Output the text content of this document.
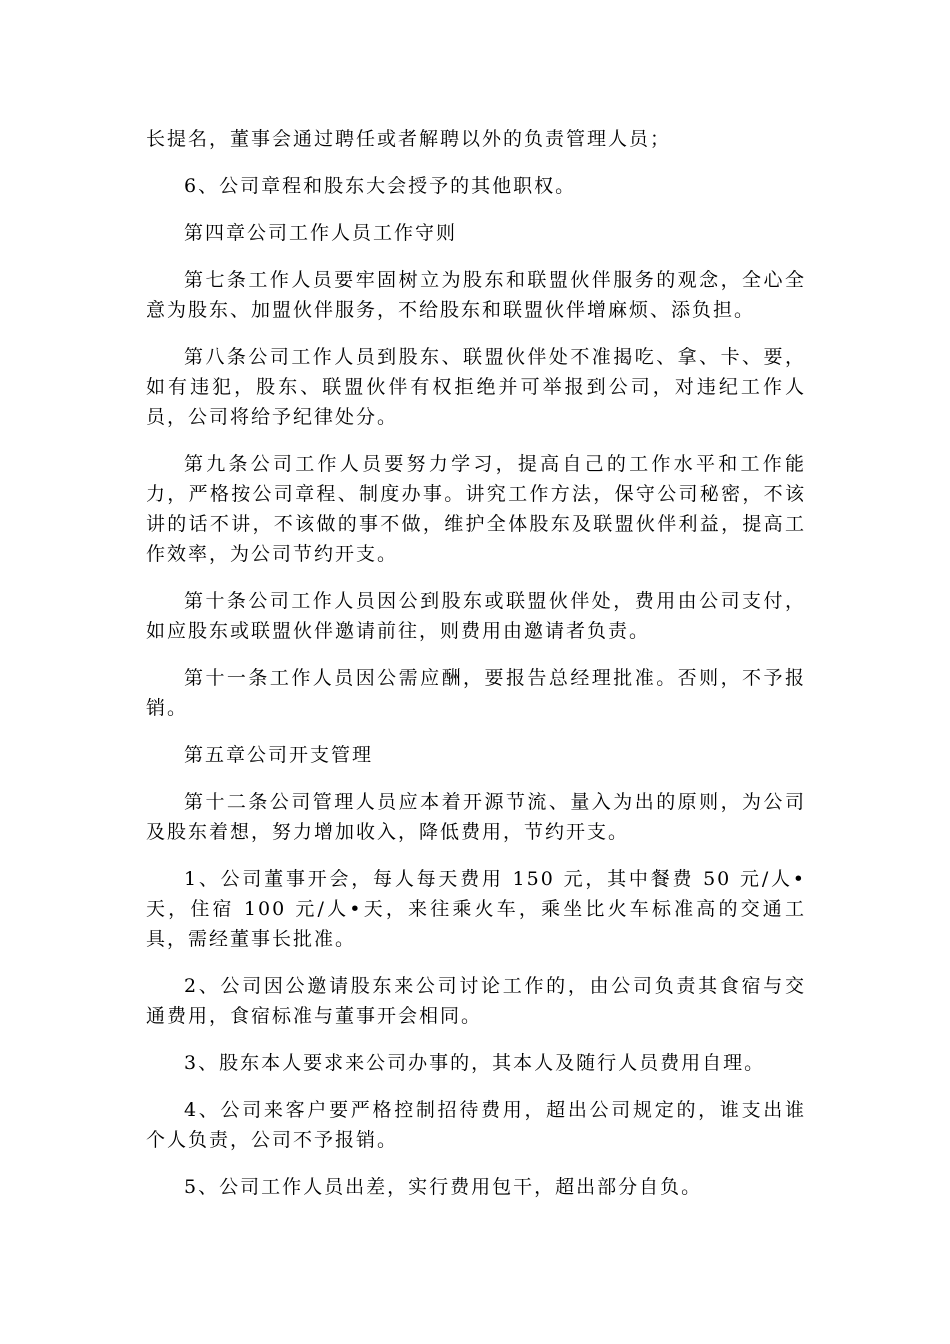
长提名，董事会通过聘任或者解聘以外的负责管理人员；

6、公司章程和股东大会授予的其他职权。

第四章公司工作人员工作守则

第七条工作人员要牢固树立为股东和联盟伙伴服务的观念，全心全意为股东、加盟伙伴服务，不给股东和联盟伙伴增麻烦、添负担。

第八条公司工作人员到股东、联盟伙伴处不准揭吃、拿、卡、要，如有违犯，股东、联盟伙伴有权拒绝并可举报到公司，对违纪工作人员，公司将给予纪律处分。

第九条公司工作人员要努力学习，提高自己的工作水平和工作能力，严格按公司章程、制度办事。讲究工作方法，保守公司秘密，不该讲的话不讲，不该做的事不做，维护全体股东及联盟伙伴利益，提高工作效率，为公司节约开支。

第十条公司工作人员因公到股东或联盟伙伴处，费用由公司支付，如应股东或联盟伙伴邀请前往，则费用由邀请者负责。

第十一条工作人员因公需应酬，要报告总经理批准。否则，不予报销。

第五章公司开支管理

第十二条公司管理人员应本着开源节流、量入为出的原则，为公司及股东着想，努力增加收入，降低费用，节约开支。

1、公司董事开会，每人每天费用 150 元，其中餐费 50 元/人•天，住宿 100 元/人•天，来往乘火车，乘坐比火车标准高的交通工具，需经董事长批准。

2、公司因公邀请股东来公司讨论工作的，由公司负责其食宿与交通费用，食宿标准与董事开会相同。

3、股东本人要求来公司办事的，其本人及随行人员费用自理。

4、公司来客户要严格控制招待费用，超出公司规定的，谁支出谁个人负责，公司不予报销。

5、公司工作人员出差，实行费用包干，超出部分自负。
